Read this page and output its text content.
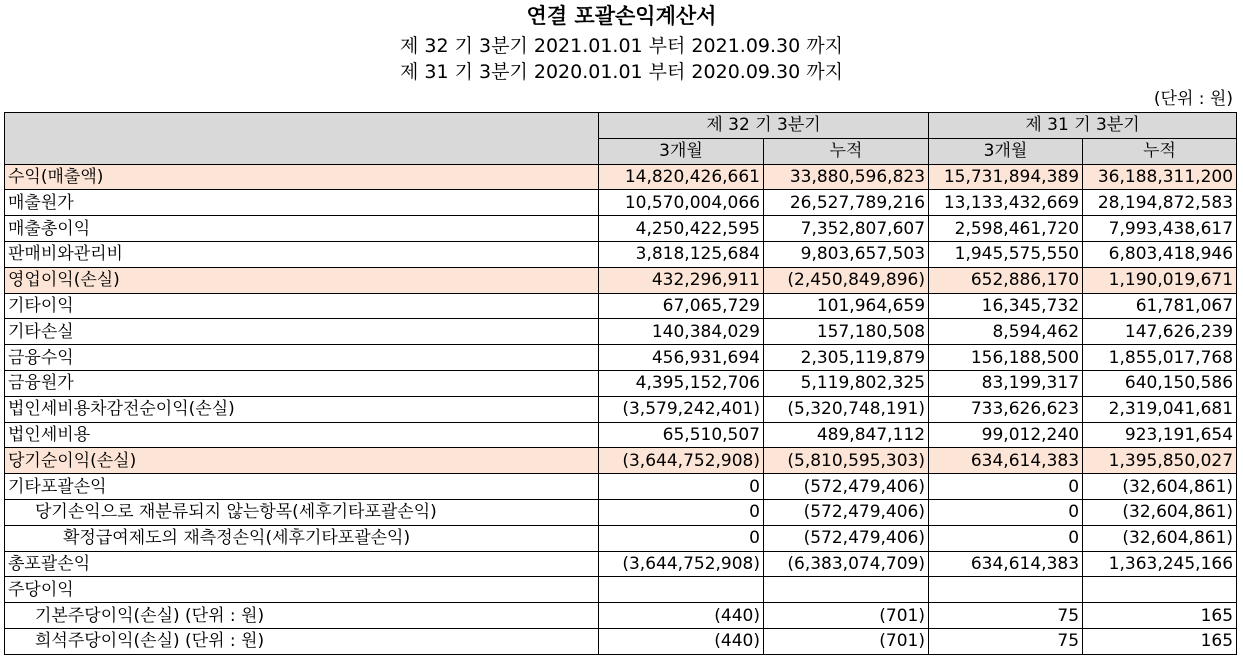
연결 포괄손익계산서
제 32 기 3분기 2021.01.01 부터 2021.09.30 까지
제 31 기 3분기 2020.01.01 부터 2020.09.30 까지
(단위 : 원)
	제 32 기 3분기		제 31 기 3분기	
	3개월	누적	3개월	누적
수익(매출액)	14,820,426,661	33,880,596,823	15,731,894,389	36,188,311,200
매출원가	10,570,004,066	26,527,789,216	13,133,432,669	28,194,872,583
매출총이익	4,250,422,595	7,352,807,607	2,598,461,720	7,993,438,617
판매비와관리비	3,818,125,684	9,803,657,503	1,945,575,550	6,803,418,946
영업이익(손실)	432,296,911	(2,450,849,896)	652,886,170	1,190,019,671
기타이익	67,065,729	101,964,659	16,345,732	61,781,067
기타손실	140,384,029	157,180,508	8,594,462	147,626,239
금융수익	456,931,694	2,305,119,879	156,188,500	1,855,017,768
금융원가	4,395,152,706	5,119,802,325	83,199,317	640,150,586
법인세비용차감전순이익(손실)	(3,579,242,401)	(5,320,748,191)	733,626,623	2,319,041,681
법인세비용	65,510,507	489,847,112	99,012,240	923,191,654
당기순이익(손실)	(3,644,752,908)	(5,810,595,303)	634,614,383	1,395,850,027
기타포괄손익	0	(572,479,406)	0	(32,604,861)
당기손익으로 재분류되지 않는항목(세후기타포괄손익)	0	(572,479,406)	0	(32,604,861)
확정급여제도의 재측정손익(세후기타포괄손익)	0	(572,479,406)	0	(32,604,861)
총포괄손익	(3,644,752,908)	(6,383,074,709)	634,614,383	1,363,245,166
주당이익				
기본주당이익(손실) (단위 : 원)	(440)	(701)	75	165
희석주당이익(손실) (단위 : 원)	(440)	(701)	75	165
